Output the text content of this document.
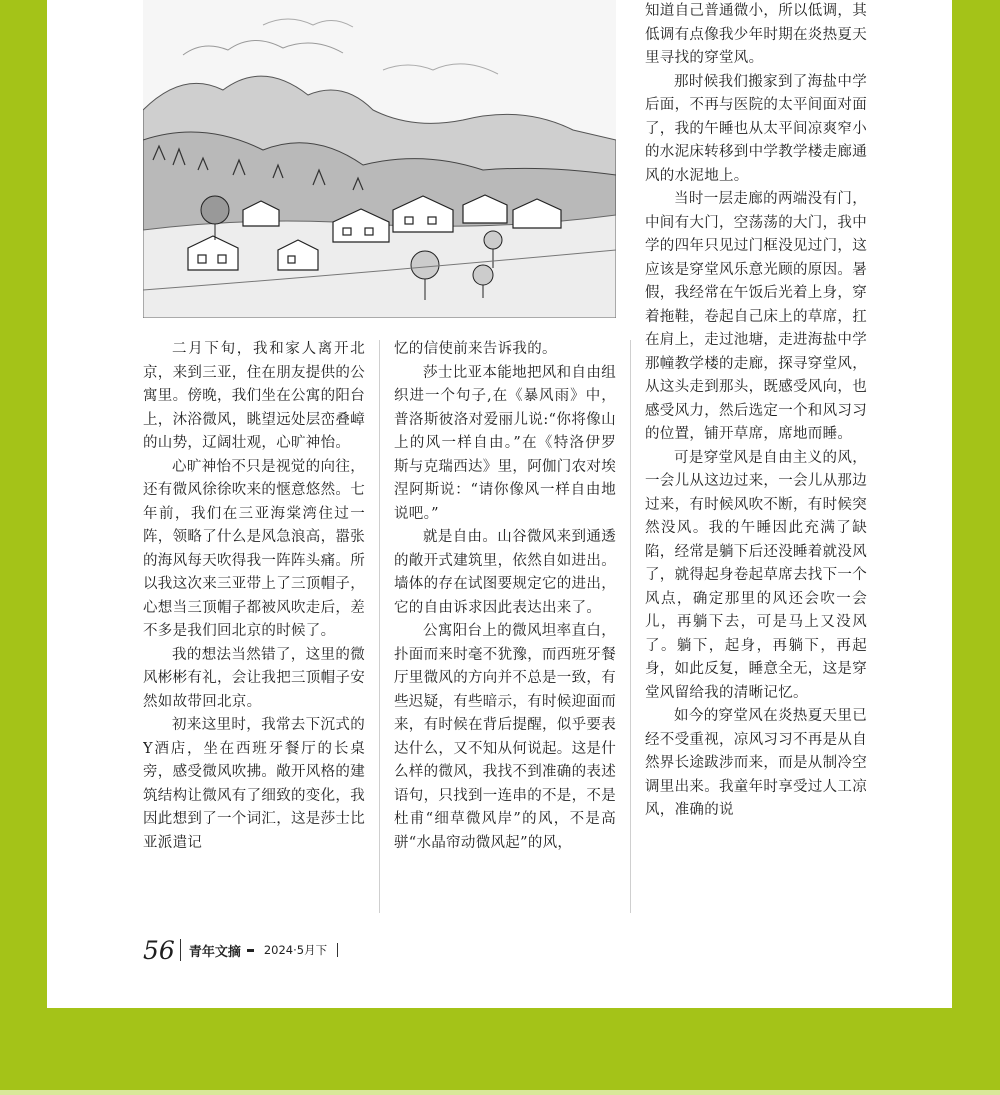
二月下旬，我和家人离开北京，来到三亚，住在朋友提供的公寓里。傍晚，我们坐在公寓的阳台上，沐浴微风，眺望远处层峦叠嶂的山势，辽阔壮观，心旷神怡。

心旷神怡不只是视觉的向往，还有微风徐徐吹来的惬意悠然。七年前，我们在三亚海棠湾住过一阵，领略了什么是风急浪高，嚣张的海风每天吹得我一阵阵头痛。所以我这次来三亚带上了三顶帽子，心想当三顶帽子都被风吹走后，差不多是我们回北京的时候了。

我的想法当然错了，这里的微风彬彬有礼，会让我把三顶帽子安然如故带回北京。

初来这里时，我常去下沉式的Y酒店，坐在西班牙餐厅的长桌旁，感受微风吹拂。敞开风格的建筑结构让微风有了细致的变化，我因此想到了一个词汇，这是莎士比亚派遣记

忆的信使前来告诉我的。

莎士比亚本能地把风和自由组织进一个句子,在《暴风雨》中，普洛斯彼洛对爱丽儿说:“你将像山上的风一样自由。”在《特洛伊罗斯与克瑞西达》里，阿伽门农对埃涅阿斯说：“请你像风一样自由地说吧。”

就是自由。山谷微风来到通透的敞开式建筑里，依然自如进出。墙体的存在试图要规定它的进出，它的自由诉求因此表达出来了。

公寓阳台上的微风坦率直白，扑面而来时毫不犹豫，而西班牙餐厅里微风的方向并不总是一致，有些迟疑，有些暗示，有时候迎面而来，有时候在背后提醒，似乎要表达什么，又不知从何说起。这是什么样的微风，我找不到准确的表述语句，只找到一连串的不是，不是杜甫“细草微风岸”的风，不是高骈“水晶帘动微风起”的风，

知道自己普通微小，所以低调，其低调有点像我少年时期在炎热夏天里寻找的穿堂风。

那时候我们搬家到了海盐中学后面，不再与医院的太平间面对面了，我的午睡也从太平间凉爽窄小的水泥床转移到中学教学楼走廊通风的水泥地上。

当时一层走廊的两端没有门，中间有大门，空荡荡的大门，我中学的四年只见过门框没见过门，这应该是穿堂风乐意光顾的原因。暑假，我经常在午饭后光着上身，穿着拖鞋，卷起自己床上的草席，扛在肩上，走过池塘，走进海盐中学那幢教学楼的走廊，探寻穿堂风，从这头走到那头，既感受风向，也感受风力，然后选定一个和风习习的位置，铺开草席，席地而睡。

可是穿堂风是自由主义的风，一会儿从这边过来，一会儿从那边过来，有时候风吹不断，有时候突然没风。我的午睡因此充满了缺陷，经常是躺下后还没睡着就没风了，就得起身卷起草席去找下一个风点，确定那里的风还会吹一会儿，再躺下去，可是马上又没风了。躺下，起身，再躺下，再起身，如此反复，睡意全无，这是穿堂风留给我的清晰记忆。

如今的穿堂风在炎热夏天里已经不受重视，凉风习习不再是从自然界长途跋涉而来，而是从制冷空调里出来。我童年时享受过人工凉风，准确的说

56 青年文摘 2024·5月下
